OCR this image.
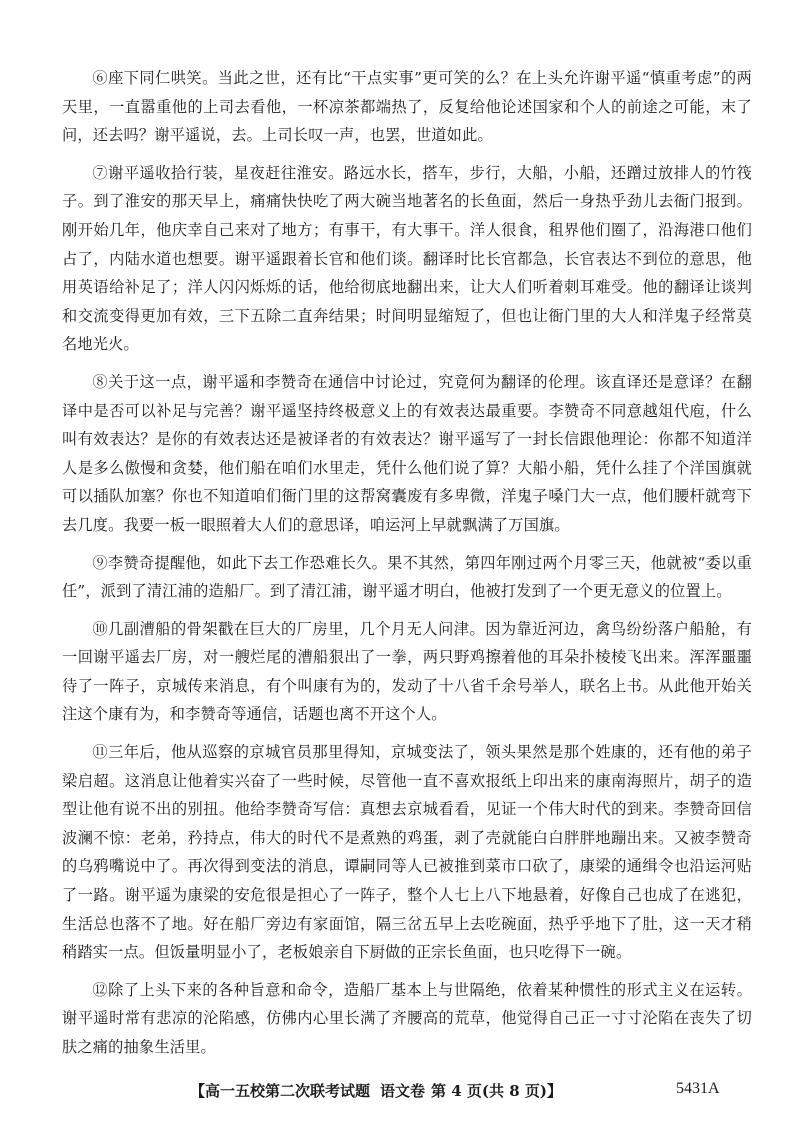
⑥座下同仁哄笑。当此之世，还有比“干点实事”更可笑的么？在上头允许谢平遥“慎重考虑”的两天里，一直嚣重他的上司去看他，一杯凉茶都端热了，反复给他论述国家和个人的前途之可能，末了问，还去吗？谢平遥说，去。上司长叹一声，也罢，世道如此。

⑦谢平遥收拾行装，星夜赶往淮安。路远水长，搭车，步行，大船，小船，还蹭过放排人的竹筏子。到了淮安的那天早上，痛痛快快吃了两大碗当地著名的长鱼面，然后一身热乎劲儿去衙门报到。刚开始几年，他庆幸自己来对了地方；有事干，有大事干。洋人很食，租界他们圈了，沿海港口他们占了，内陆水道也想要。谢平遥跟着长官和他们谈。翻译时比长官都急，长官表达不到位的意思，他用英语给补足了；洋人闪闪烁烁的话，他给彻底地翻出来，让大人们听着刺耳难受。他的翻译让谈判和交流变得更加有效，三下五除二直奔结果；时间明显缩短了，但也让衙门里的大人和洋鬼子经常莫名地光火。

⑧关于这一点，谢平遥和李赞奇在通信中讨论过，究竟何为翻译的伦理。该直译还是意译？在翻译中是否可以补足与完善？谢平遥坚持终极意义上的有效表达最重要。李赞奇不同意越俎代庖，什么叫有效表达？是你的有效表达还是被译者的有效表达？谢平遥写了一封长信跟他理论：你都不知道洋人是多么傲慢和贪婪，他们船在咱们水里走，凭什么他们说了算？大船小船，凭什么挂了个洋国旗就可以插队加塞？你也不知道咱们衙门里的这帮窝囊废有多卑微，洋鬼子嗓门大一点，他们腰杆就弯下去几度。我要一板一眼照着大人们的意思译，咱运河上早就飘满了万国旗。

⑨李赞奇提醒他，如此下去工作恐难长久。果不其然，第四年刚过两个月零三天，他就被“委以重任”，派到了清江浦的造船厂。到了清江浦，谢平遥才明白，他被打发到了一个更无意义的位置上。

⑩几副漕船的骨架戳在巨大的厂房里，几个月无人问津。因为靠近河边，禽鸟纷纷落户船舱，有一回谢平遥去厂房，对一艘烂尾的漕船狠出了一拳，两只野鸡擦着他的耳朵扑棱棱飞出来。浑浑噩噩待了一阵子，京城传来消息，有个叫康有为的，发动了十八省千余号举人，联名上书。从此他开始关注这个康有为，和李赞奇等通信，话题也离不开这个人。

⑪三年后，他从巡察的京城官员那里得知，京城变法了，领头果然是那个姓康的，还有他的弟子梁启超。这消息让他着实兴奋了一些时候，尽管他一直不喜欢报纸上印出来的康南海照片，胡子的造型让他有说不出的别扭。他给李赞奇写信：真想去京城看看，见证一个伟大时代的到来。李赞奇回信波澜不惊：老弟，矜持点，伟大的时代不是煮熟的鸡蛋，剥了壳就能白白胖胖地蹦出来。又被李赞奇的乌鸦嘴说中了。再次得到变法的消息，谭嗣同等人已被推到菜市口砍了，康梁的通缉令也沿运河贴了一路。谢平遥为康梁的安危很是担心了一阵子，整个人七上八下地悬着，好像自己也成了在逃犯，生活总也落不了地。好在船厂旁边有家面馆，隔三岔五早上去吃碗面，热乎乎地下了肚，这一天才稍稍踏实一点。但饭量明显小了，老板娘亲自下厨做的正宗长鱼面，也只吃得下一碗。

⑫除了上头下来的各种旨意和命令，造船厂基本上与世隔绝，依着某种惯性的形式主义在运转。谢平遥时常有悲凉的沦陷感，仿佛内心里长满了齐腰高的荒草，他觉得自己正一寸寸沦陷在丧失了切肤之痛的抽象生活里。

【高一五校第二次联考试题 语文卷 第 4 页(共 8 页)】	5431A
